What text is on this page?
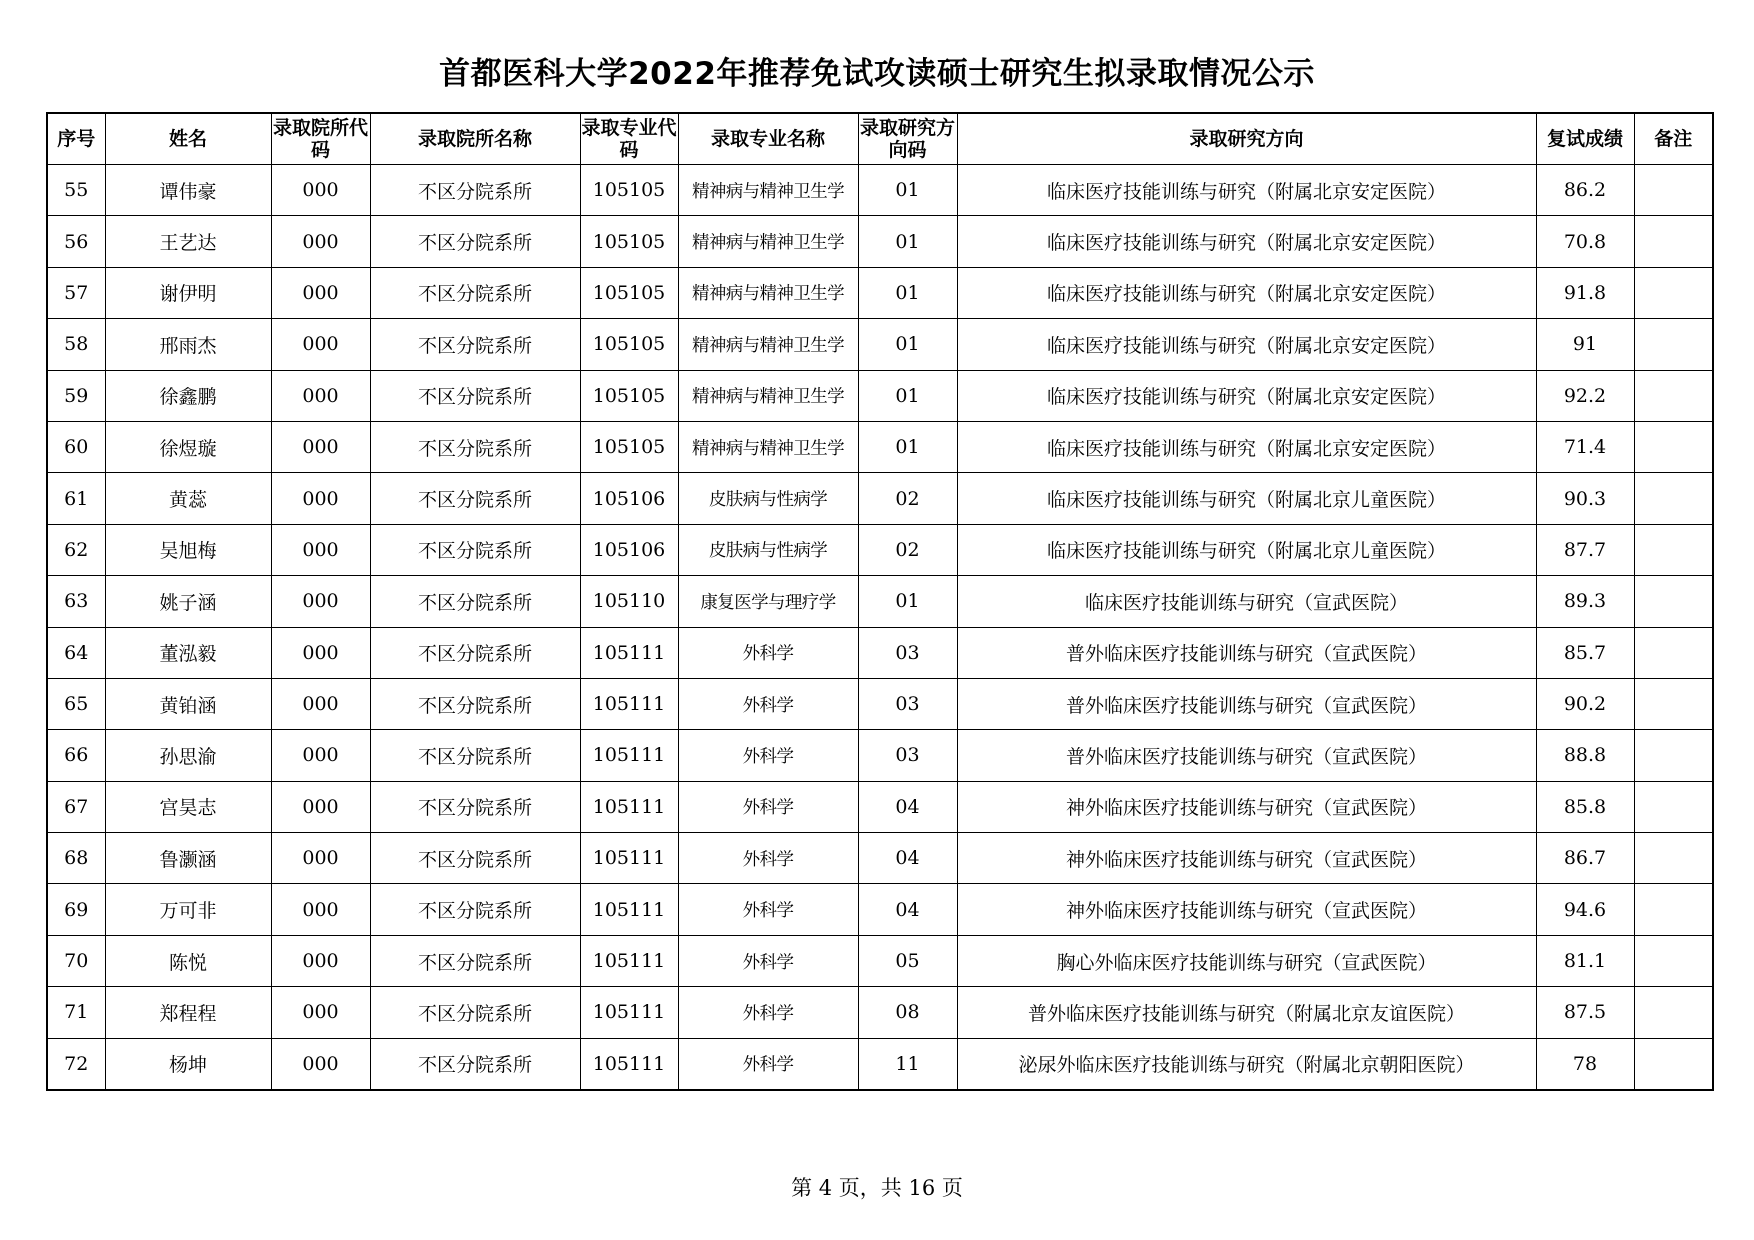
首都医科大学2022年推荐免试攻读硕士研究生拟录取情况公示
序号	姓名	录取院所代码	录取院所名称	录取专业代码	录取专业名称	录取研究方向码	录取研究方向	复试成绩	备注
55	谭伟豪	000	不区分院系所	105105	精神病与精神卫生学	01	临床医疗技能训练与研究（附属北京安定医院）	86.2	
56	王艺达	000	不区分院系所	105105	精神病与精神卫生学	01	临床医疗技能训练与研究（附属北京安定医院）	70.8	
57	谢伊明	000	不区分院系所	105105	精神病与精神卫生学	01	临床医疗技能训练与研究（附属北京安定医院）	91.8	
58	邢雨杰	000	不区分院系所	105105	精神病与精神卫生学	01	临床医疗技能训练与研究（附属北京安定医院）	91	
59	徐鑫鹏	000	不区分院系所	105105	精神病与精神卫生学	01	临床医疗技能训练与研究（附属北京安定医院）	92.2	
60	徐煜璇	000	不区分院系所	105105	精神病与精神卫生学	01	临床医疗技能训练与研究（附属北京安定医院）	71.4	
61	黄蕊	000	不区分院系所	105106	皮肤病与性病学	02	临床医疗技能训练与研究（附属北京儿童医院）	90.3	
62	吴旭梅	000	不区分院系所	105106	皮肤病与性病学	02	临床医疗技能训练与研究（附属北京儿童医院）	87.7	
63	姚子涵	000	不区分院系所	105110	康复医学与理疗学	01	临床医疗技能训练与研究（宣武医院）	89.3	
64	董泓毅	000	不区分院系所	105111	外科学	03	普外临床医疗技能训练与研究（宣武医院）	85.7	
65	黄铂涵	000	不区分院系所	105111	外科学	03	普外临床医疗技能训练与研究（宣武医院）	90.2	
66	孙思渝	000	不区分院系所	105111	外科学	03	普外临床医疗技能训练与研究（宣武医院）	88.8	
67	宫昊志	000	不区分院系所	105111	外科学	04	神外临床医疗技能训练与研究（宣武医院）	85.8	
68	鲁灏涵	000	不区分院系所	105111	外科学	04	神外临床医疗技能训练与研究（宣武医院）	86.7	
69	万可非	000	不区分院系所	105111	外科学	04	神外临床医疗技能训练与研究（宣武医院）	94.6	
70	陈悦	000	不区分院系所	105111	外科学	05	胸心外临床医疗技能训练与研究（宣武医院）	81.1	
71	郑程程	000	不区分院系所	105111	外科学	08	普外临床医疗技能训练与研究（附属北京友谊医院）	87.5	
72	杨坤	000	不区分院系所	105111	外科学	11	泌尿外临床医疗技能训练与研究（附属北京朝阳医院）	78	
第 4 页，共 16 页
